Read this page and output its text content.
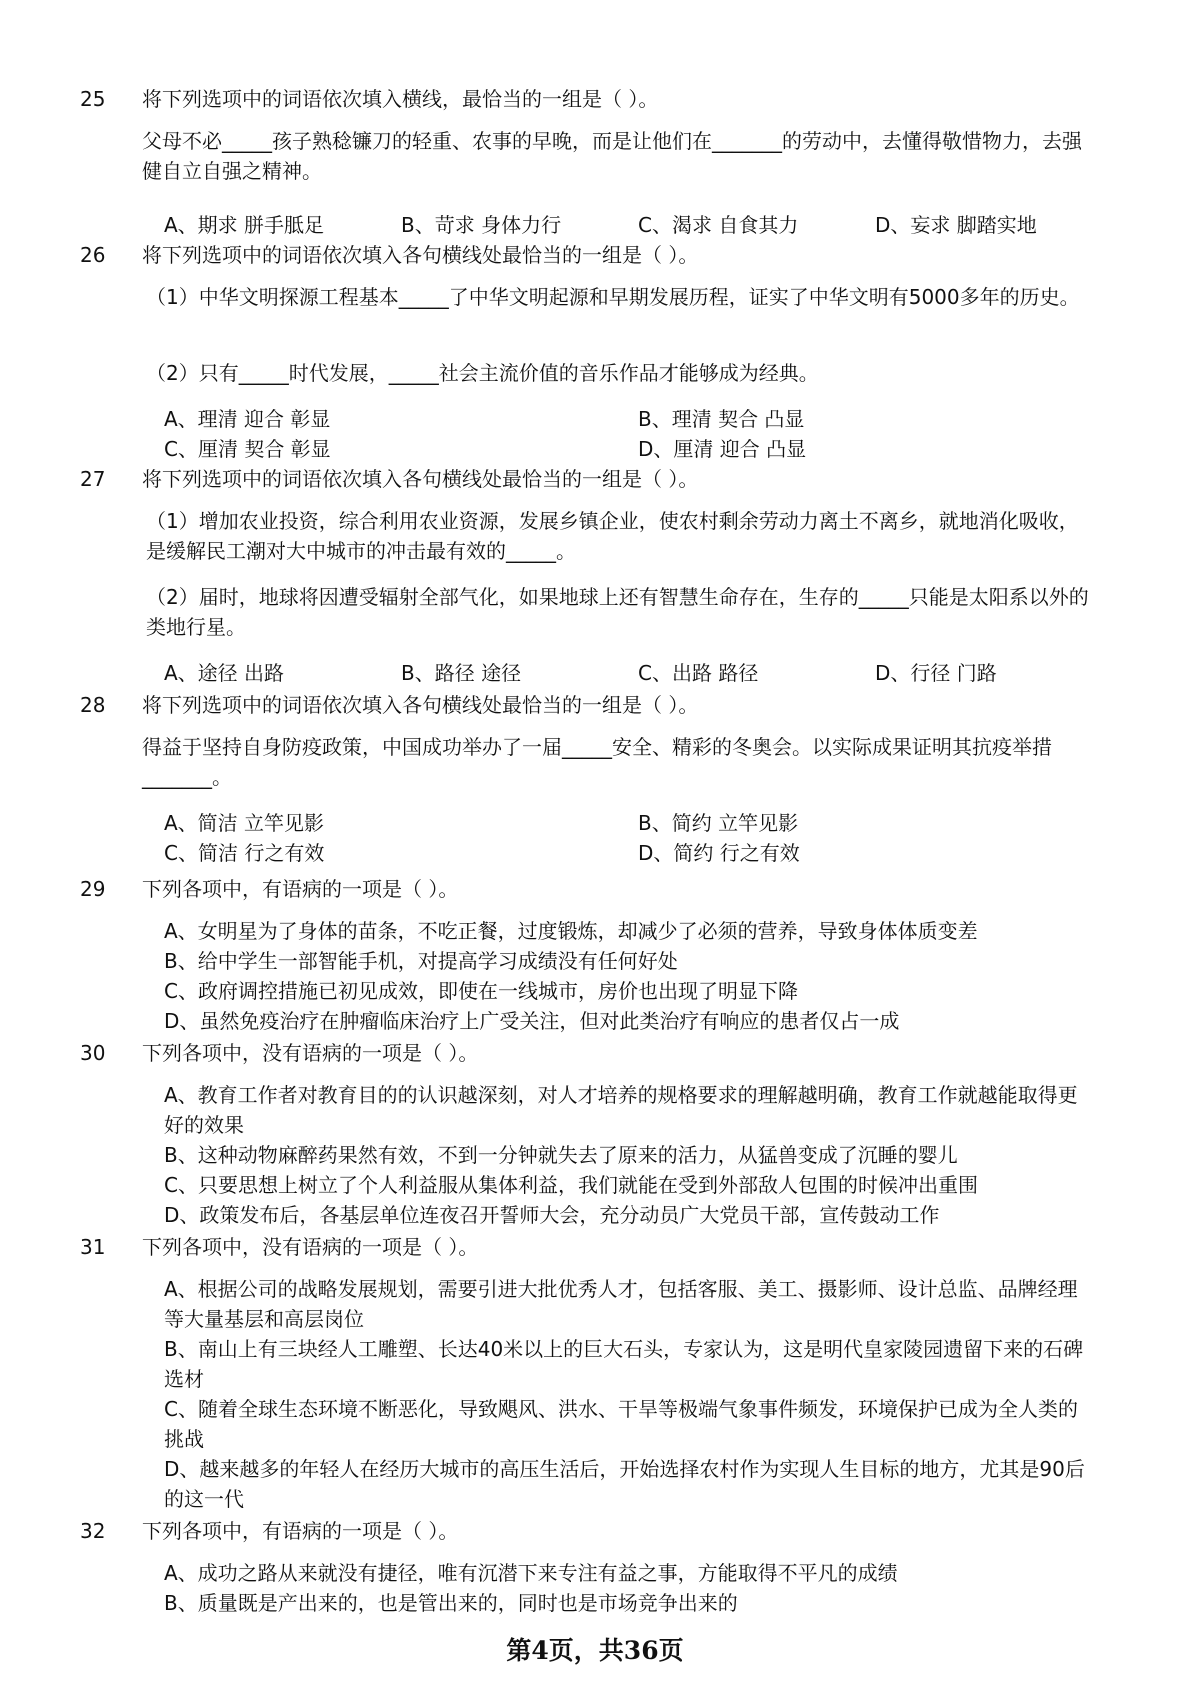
25	将下列选项中的词语依次填入横线，最恰当的一组是（ ）。
父母不必_____孩子熟稔镰刀的轻重、农事的早晚，而是让他们在_______的劳动中，去懂得敬惜物力，去强健自立自强之精神。
A、期求 胼手胝足	B、苛求 身体力行	C、渴求 自食其力	D、妄求 脚踏实地
26	将下列选项中的词语依次填入各句横线处最恰当的一组是（ ）。
（1）中华文明探源工程基本_____了中华文明起源和早期发展历程，证实了中华文明有5000多年的历史。
（2）只有_____时代发展，_____社会主流价值的音乐作品才能够成为经典。
A、理清 迎合 彰显	B、理清 契合 凸显
C、厘清 契合 彰显	D、厘清 迎合 凸显
27	将下列选项中的词语依次填入各句横线处最恰当的一组是（ ）。
（1）增加农业投资，综合利用农业资源，发展乡镇企业，使农村剩余劳动力离土不离乡，就地消化吸收，是缓解民工潮对大中城市的冲击最有效的_____。
（2）届时，地球将因遭受辐射全部气化，如果地球上还有智慧生命存在，生存的_____只能是太阳系以外的类地行星。
A、途径 出路	B、路径 途径	C、出路 路径	D、行径 门路
28	将下列选项中的词语依次填入各句横线处最恰当的一组是（ ）。
得益于坚持自身防疫政策，中国成功举办了一届_____安全、精彩的冬奥会。以实际成果证明其抗疫举措_______。
A、简洁 立竿见影	B、简约 立竿见影
C、简洁 行之有效	D、简约 行之有效
29	下列各项中，有语病的一项是（ ）。
A、女明星为了身体的苗条，不吃正餐，过度锻炼，却减少了必须的营养，导致身体体质变差
B、给中学生一部智能手机，对提高学习成绩没有任何好处
C、政府调控措施已初见成效，即使在一线城市，房价也出现了明显下降
D、虽然免疫治疗在肿瘤临床治疗上广受关注，但对此类治疗有响应的患者仅占一成
30	下列各项中，没有语病的一项是（ ）。
A、教育工作者对教育目的的认识越深刻，对人才培养的规格要求的理解越明确，教育工作就越能取得更好的效果
B、这种动物麻醉药果然有效，不到一分钟就失去了原来的活力，从猛兽变成了沉睡的婴儿
C、只要思想上树立了个人利益服从集体利益，我们就能在受到外部敌人包围的时候冲出重围
D、政策发布后，各基层单位连夜召开誓师大会，充分动员广大党员干部，宣传鼓动工作
31	下列各项中，没有语病的一项是（ ）。
A、根据公司的战略发展规划，需要引进大批优秀人才，包括客服、美工、摄影师、设计总监、品牌经理等大量基层和高层岗位
B、南山上有三块经人工雕塑、长达40米以上的巨大石头，专家认为，这是明代皇家陵园遗留下来的石碑选材
C、随着全球生态环境不断恶化，导致飓风、洪水、干旱等极端气象事件频发，环境保护已成为全人类的挑战
D、越来越多的年轻人在经历大城市的高压生活后，开始选择农村作为实现人生目标的地方，尤其是90后的这一代
32	下列各项中，有语病的一项是（ ）。
A、成功之路从来就没有捷径，唯有沉潜下来专注有益之事，方能取得不平凡的成绩
B、质量既是产出来的，也是管出来的，同时也是市场竞争出来的
第4页，共36页
